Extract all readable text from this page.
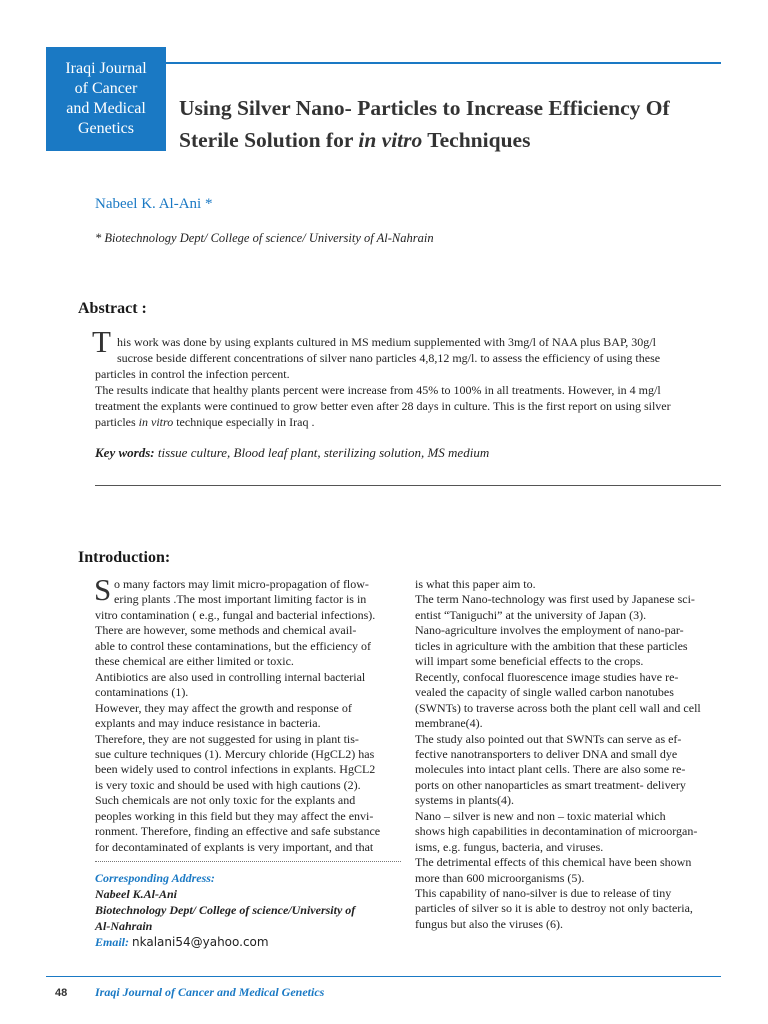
Iraqi Journal
of Cancer
and Medical
Genetics
Using Silver Nano- Particles to Increase Efficiency Of
Sterile Solution for in vitro Techniques
Nabeel K. Al-Ani *
* Biotechnology Dept/ College of science/ University of Al-Nahrain
Abstract :
T his work was done by using explants cultured in MS medium supplemented with 3mg/l of NAA plus BAP, 30g/l
sucrose beside different concentrations of silver nano particles 4,8,12 mg/l. to assess the efficiency of using these
particles in control the infection percent.
The results indicate that healthy plants percent were increase from 45% to 100% in all treatments. However, in 4 mg/l
treatment the explants were continued to grow better even after 28 days in culture. This is the first report on using silver
particles in vitro technique especially in Iraq .
Key words: tissue culture, Blood leaf plant, sterilizing solution, MS medium
Introduction:
S o many factors may limit micro-propagation of flow-
ering plants .The most important limiting factor is in
vitro contamination ( e.g., fungal and bacterial infections).
There are however, some methods and chemical avail-
able to control these contaminations, but the efficiency of
these chemical are either limited or toxic.
Antibiotics are also used in controlling internal bacterial
contaminations (1).
However, they may affect the growth and response of
explants and may induce resistance in bacteria.
Therefore, they are not suggested for using in plant tis-
sue culture techniques (1). Mercury chloride (HgCL2) has
been widely used to control infections in explants. HgCL2
is very toxic and should be used with high cautions (2).
Such chemicals are not only toxic for the explants and
peoples working in this field but they may affect the envi-
ronment. Therefore, finding an effective and safe substance
for decontaminated of explants is very important, and that
is what this paper aim to.
The term Nano-technology was first used by Japanese sci-
entist “Taniguchi” at the university of Japan (3).
Nano-agriculture involves the employment of nano-par-
ticles in agriculture with the ambition that these particles
will impart some beneficial effects to the crops.
Recently, confocal fluorescence image studies have re-
vealed the capacity of single walled carbon nanotubes
(SWNTs) to traverse across both the plant cell wall and cell
membrane(4).
The study also pointed out that SWNTs can serve as ef-
fective nanotransporters to deliver DNA and small dye
molecules into intact plant cells. There are also some re-
ports on other nanoparticles as smart treatment- delivery
systems in plants(4).
Nano – silver is new and non – toxic material which
shows high capabilities in decontamination of microorgan-
isms, e.g. fungus, bacteria, and viruses.
The detrimental effects of this chemical have been shown
more than 600 microorganisms (5).
This capability of nano-silver is due to release of tiny
particles of silver so it is able to destroy not only bacteria,
fungus but also the viruses (6).
Corresponding Address:
Nabeel K.Al-Ani
Biotechnology Dept/ College of science/University of
Al-Nahrain
Email: nkalani54@yahoo.com
48 Iraqi Journal of Cancer and Medical Genetics
